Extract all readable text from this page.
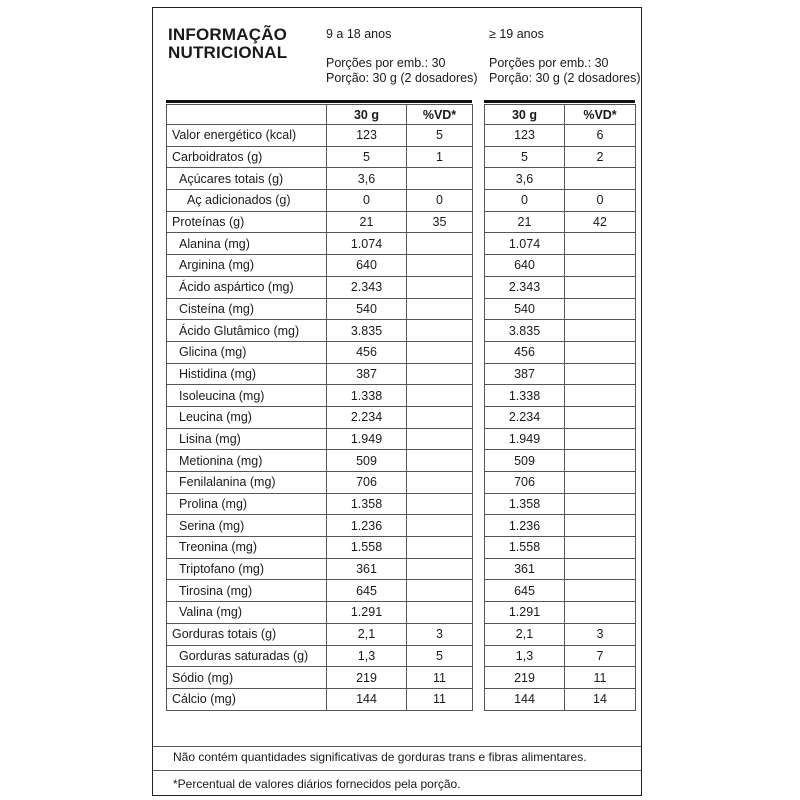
INFORMAÇÃO
NUTRICIONAL
9 a 18 anos
Porções por emb.: 30
Porção: 30 g (2 dosadores)
≥ 19 anos
Porções por emb.: 30
Porção: 30 g (2 dosadores)
	30 g	%VD*		30 g	%VD*
Valor energético (kcal)	123	5		123	6
Carboidratos (g)	5	1		5	2
Açúcares totais (g)	3,6			3,6	
Aç adicionados (g)	0	0		0	0
Proteínas (g)	21	35		21	42
Alanina (mg)	1.074			1.074	
Arginina (mg)	640			640	
Ácido aspártico (mg)	2.343			2.343	
Cisteína (mg)	540			540	
Ácido Glutâmico (mg)	3.835			3.835	
Glicina (mg)	456			456	
Histidina (mg)	387			387	
Isoleucina (mg)	1.338			1.338	
Leucina (mg)	2.234			2.234	
Lisina (mg)	1.949			1.949	
Metionina (mg)	509			509	
Fenilalanina (mg)	706			706	
Prolina (mg)	1.358			1.358	
Serina (mg)	1.236			1.236	
Treonina (mg)	1.558			1.558	
Triptofano (mg)	361			361	
Tirosina (mg)	645			645	
Valina (mg)	1.291			1.291	
Gorduras totais (g)	2,1	3		2,1	3
Gorduras saturadas (g)	1,3	5		1,3	7
Sódio (mg)	219	11		219	11
Cálcio (mg)	144	11		144	14
Não contém quantidades significativas de gorduras trans e fibras alimentares.
*Percentual de valores diários fornecidos pela porção.
